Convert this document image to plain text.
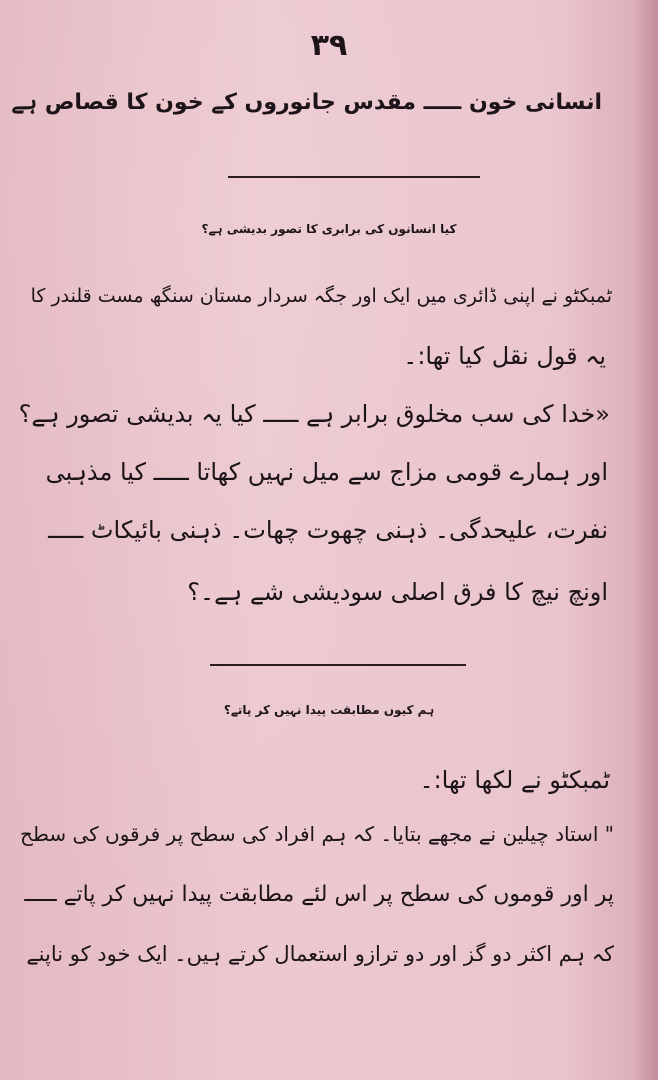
۳۹
انسانی خون ـــــ مقدس جانوروں کے خون کا قصاص ہے
کیا انسانوں کی برابری کا تصور بدیشی ہے؟
ٹمبکٹو نے اپنی ڈائری میں ایک اور جگہ سردار مستان سنگھ مست قلندر کا
یہ قول نقل کیا تھا:۔
«خدا کی سب مخلوق برابر ہے ـــــ کیا یہ بدیشی تصور ہے؟
اور ہمارے قومی مزاج سے میل نہیں کھاتا ـــــ کیا مذہبی
نفرت، علیحدگی۔ ذہنی چھوت چھات۔ ذہنی بائیکاٹ ـــــ
اونچ نیچ کا فرق اصلی سودیشی شے ہے۔؟
ہم کیوں مطابقت پیدا نہیں کر پاتے؟
ٹمبکٹو نے لکھا تھا:۔
" استاد چیلین نے مجھے بتایا۔ کہ ہم افراد کی سطح پر فرقوں کی سطح
پر اور قوموں کی سطح پر اس لئے مطابقت پیدا نہیں کر پاتے ـــــ
کہ ہم اکثر دو گز اور دو ترازو استعمال کرتے ہیں۔ ایک خود کو ناپنے
